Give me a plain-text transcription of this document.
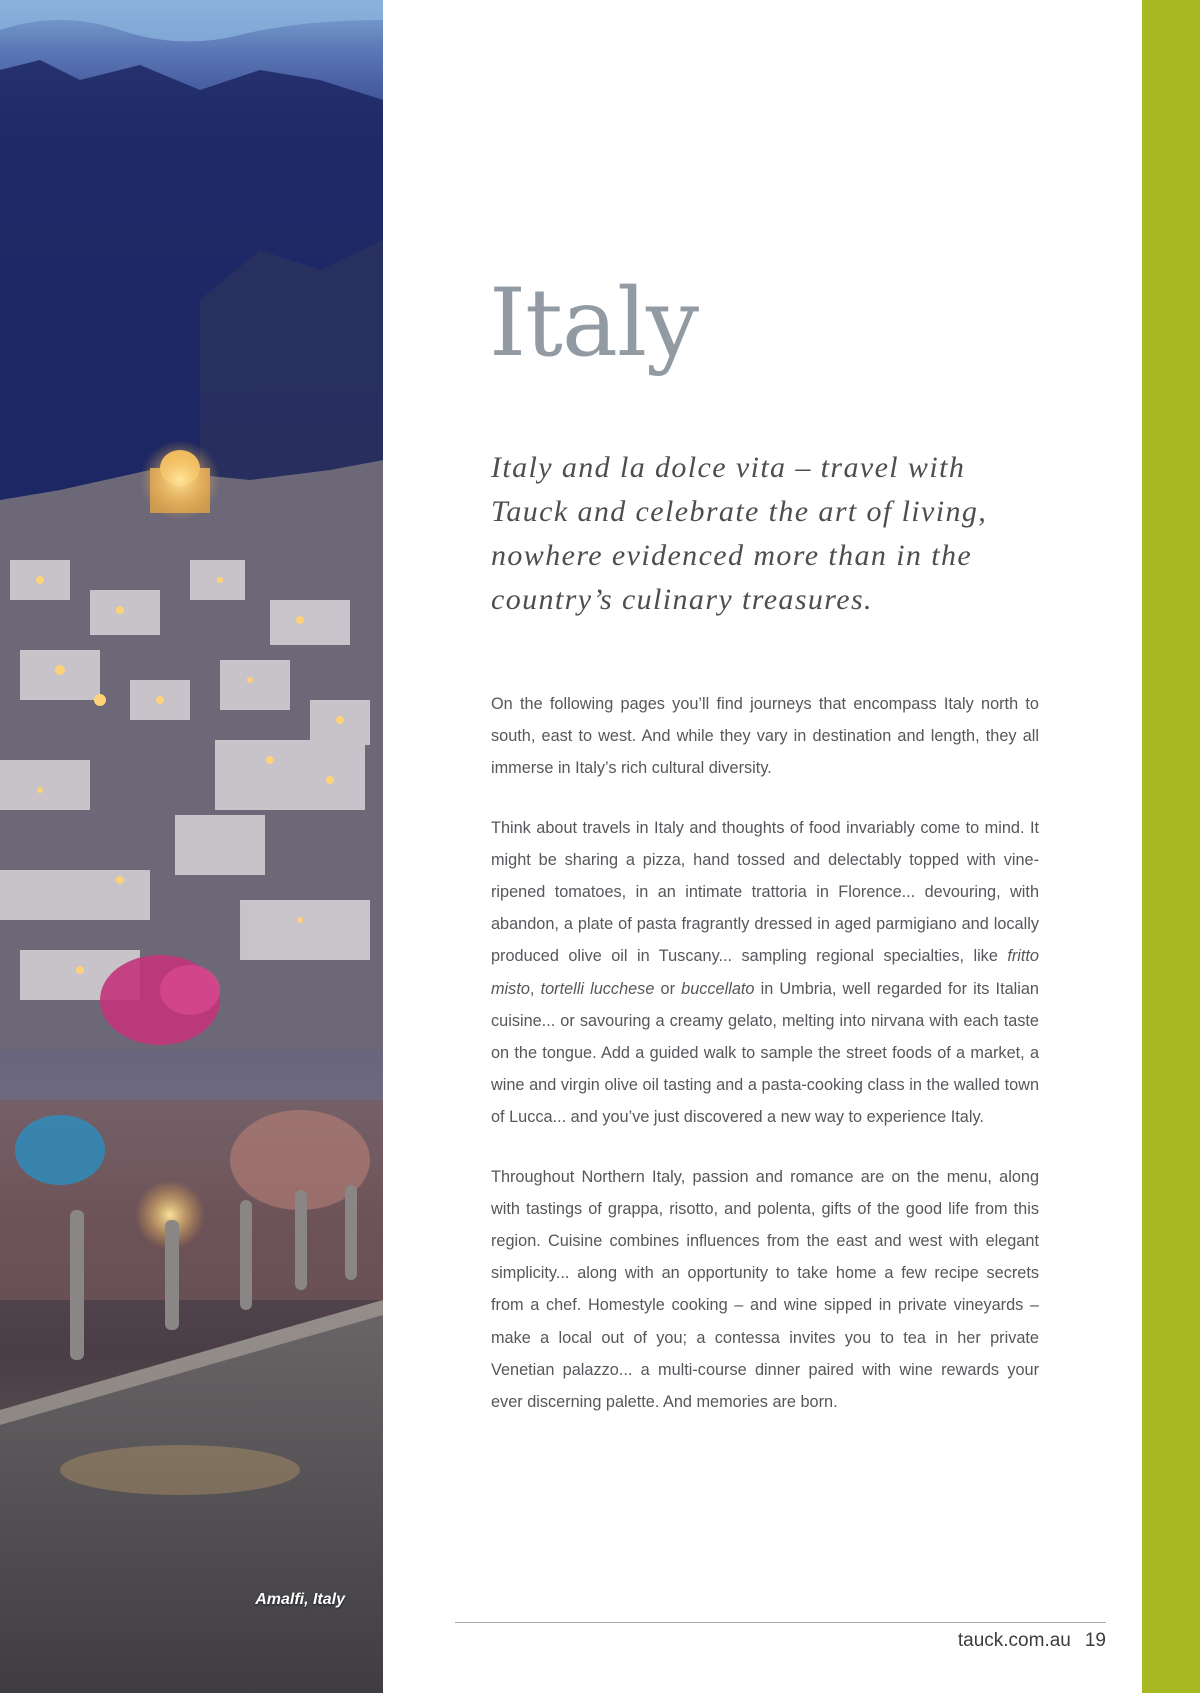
Amalfi, Italy
Italy

Italy and la dolce vita – travel with Tauck and celebrate the art of living, nowhere evidenced more than in the country’s culinary treasures.

On the following pages you’ll find journeys that encompass Italy north to south, east to west. And while they vary in destination and length, they all immerse in Italy’s rich cultural diversity.

Think about travels in Italy and thoughts of food invariably come to mind. It might be sharing a pizza, hand tossed and delectably topped with vine-ripened tomatoes, in an intimate trattoria in Florence... devouring, with abandon, a plate of pasta fragrantly dressed in aged parmigiano and locally produced olive oil in Tuscany... sampling regional specialties, like fritto misto, tortelli lucchese or buccellato in Umbria, well regarded for its Italian cuisine... or savouring a creamy gelato, melting into nirvana with each taste on the tongue. Add a guided walk to sample the street foods of a market, a wine and virgin olive oil tasting and a pasta-cooking class in the walled town of Lucca... and you’ve just discovered a new way to experience Italy.

Throughout Northern Italy, passion and romance are on the menu, along with tastings of grappa, risotto, and polenta, gifts of the good life from this region. Cuisine combines influences from the east and west with elegant simplicity... along with an opportunity to take home a few recipe secrets from a chef. Homestyle cooking – and wine sipped in private vineyards – make a local out of you; a contessa invites you to tea in her private Venetian palazzo... a multi-course dinner paired with wine rewards your ever discerning palette. And memories are born.

tauck.com.au 19
